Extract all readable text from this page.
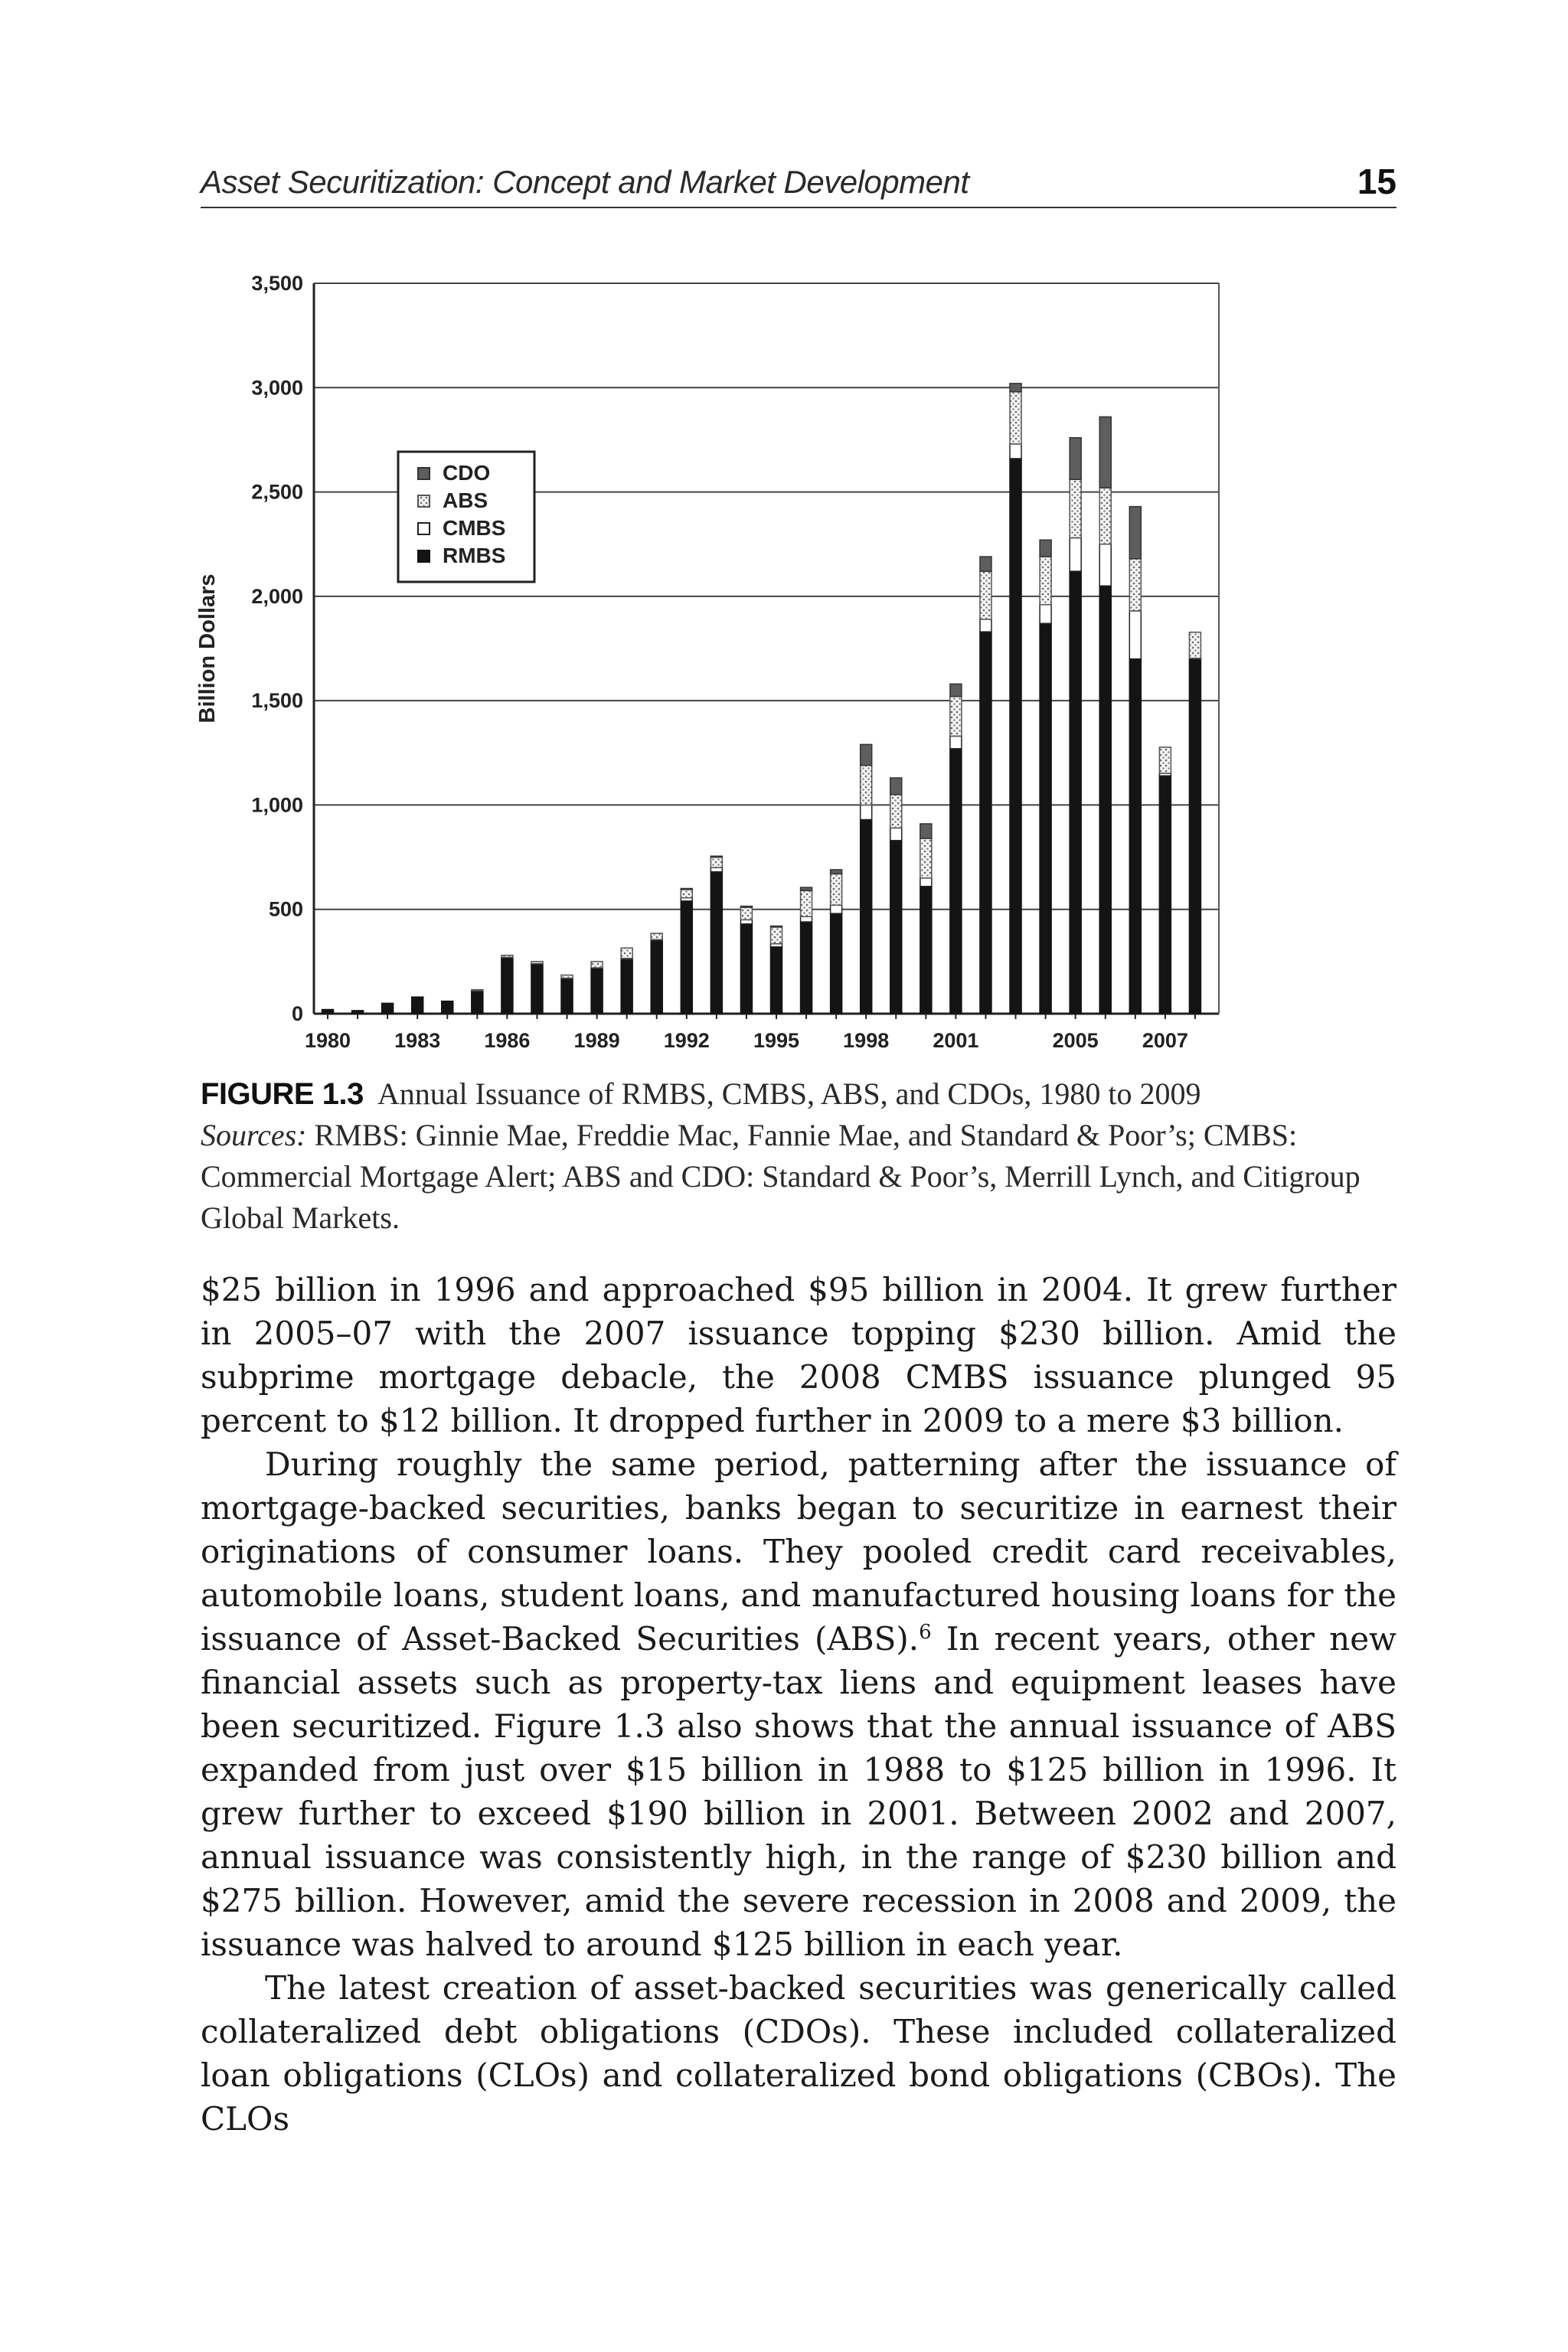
Asset Securitization: Concept and Market Development	15
0
500
1,000
1,500
2,000
2,500
3,000
3,500
Billion Dollars
1980 1983 1986 1989 1992 1995 1998 2001	2005 2007
CDO
ABS
CMBS
RMBS
FIGURE 1.3 Annual Issuance of RMBS, CMBS, ABS, and CDOs, 1980 to 2009
Sources: RMBS: Ginnie Mae, Freddie Mac, Fannie Mae, and Standard & Poor’s; CMBS: Commercial Mortgage Alert; ABS and CDO: Standard & Poor’s, Merrill Lynch, and Citigroup Global Markets.

$25 billion in 1996 and approached $95 billion in 2004. It grew further in 2005–07 with the 2007 issuance topping $230 billion. Amid the subprime mortgage debacle, the 2008 CMBS issuance plunged 95 percent to $12 billion. It dropped further in 2009 to a mere $3 billion.

During roughly the same period, patterning after the issuance of mortgage-backed securities, banks began to securitize in earnest their originations of consumer loans. They pooled credit card receivables, automobile loans, student loans, and manufactured housing loans for the issuance of Asset-Backed Securities (ABS).$^6$ In recent years, other new financial assets such as property-tax liens and equipment leases have been securitized. Figure 1.3 also shows that the annual issuance of ABS expanded from just over $15 billion in 1988 to $125 billion in 1996. It grew further to exceed $190 billion in 2001. Between 2002 and 2007, annual issuance was consistently high, in the range of $230 billion and $275 billion. However, amid the severe recession in 2008 and 2009, the issuance was halved to around $125 billion in each year.

The latest creation of asset-backed securities was generically called collateralized debt obligations (CDOs). These included collateralized loan obligations (CLOs) and collateralized bond obligations (CBOs). The CLOs
